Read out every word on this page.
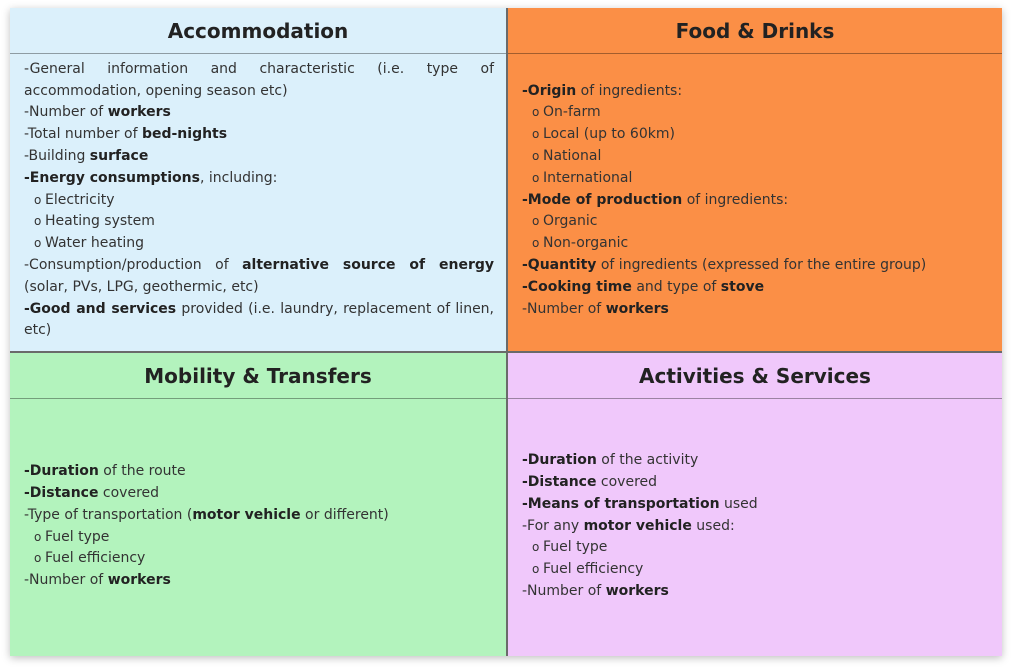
Accommodation
-General information and characteristic (i.e. type of accommodation, opening season etc)
-Number of workers
-Total number of bed-nights
-Building surface
-Energy consumptions, including:
o Electricity
o Heating system
o Water heating
-Consumption/production of alternative source of energy (solar, PVs, LPG, geothermic, etc)
-Good and services provided (i.e. laundry, replacement of linen, etc)
Food & Drinks
-Origin of ingredients:
o On-farm
o Local (up to 60km)
o National
o International
-Mode of production of ingredients:
o Organic
o Non-organic
-Quantity of ingredients (expressed for the entire group)
-Cooking time and type of stove
-Number of workers
Mobility & Transfers
-Duration of the route
-Distance covered
-Type of transportation (motor vehicle or different)
o Fuel type
o Fuel efficiency
-Number of workers
Activities & Services
-Duration of the activity
-Distance covered
-Means of transportation used
-For any motor vehicle used:
o Fuel type
o Fuel efficiency
-Number of workers
